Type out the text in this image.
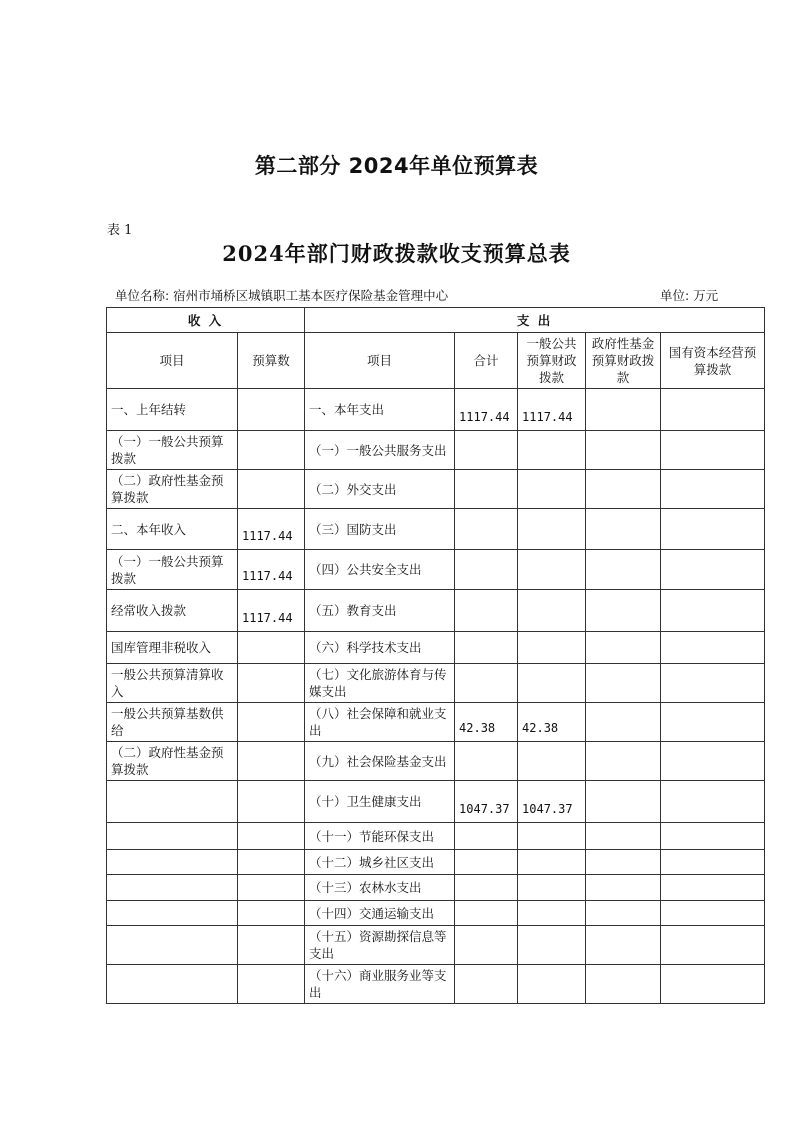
第二部分 2024年单位预算表
表 1
2024年部门财政拨款收支预算总表
单位名称: 宿州市埇桥区城镇职工基本医疗保险基金管理中心	单位: 万元
收 入		支 出				
项目	预算数	项目	合计	一般公共预算财政拨款	政府性基金预算财政拨款	国有资本经营预算拨款
一、上年结转		一、本年支出	1117.44	1117.44		
（一）一般公共预算拨款		（一）一般公共服务支出				
（二）政府性基金预算拨款		（二）外交支出				
二、本年收入	1117.44	（三）国防支出				
（一）一般公共预算拨款	1117.44	（四）公共安全支出				
经常收入拨款	1117.44	（五）教育支出				
国库管理非税收入		（六）科学技术支出				
一般公共预算清算收入		（七）文化旅游体育与传媒支出				
一般公共预算基数供给		（八）社会保障和就业支出	42.38	42.38		
（二）政府性基金预算拨款		（九）社会保险基金支出				
		（十）卫生健康支出	1047.37	1047.37		
		（十一）节能环保支出				
		（十二）城乡社区支出				
		（十三）农林水支出				
		（十四）交通运输支出				
		（十五）资源勘探信息等支出				
		（十六）商业服务业等支出				
